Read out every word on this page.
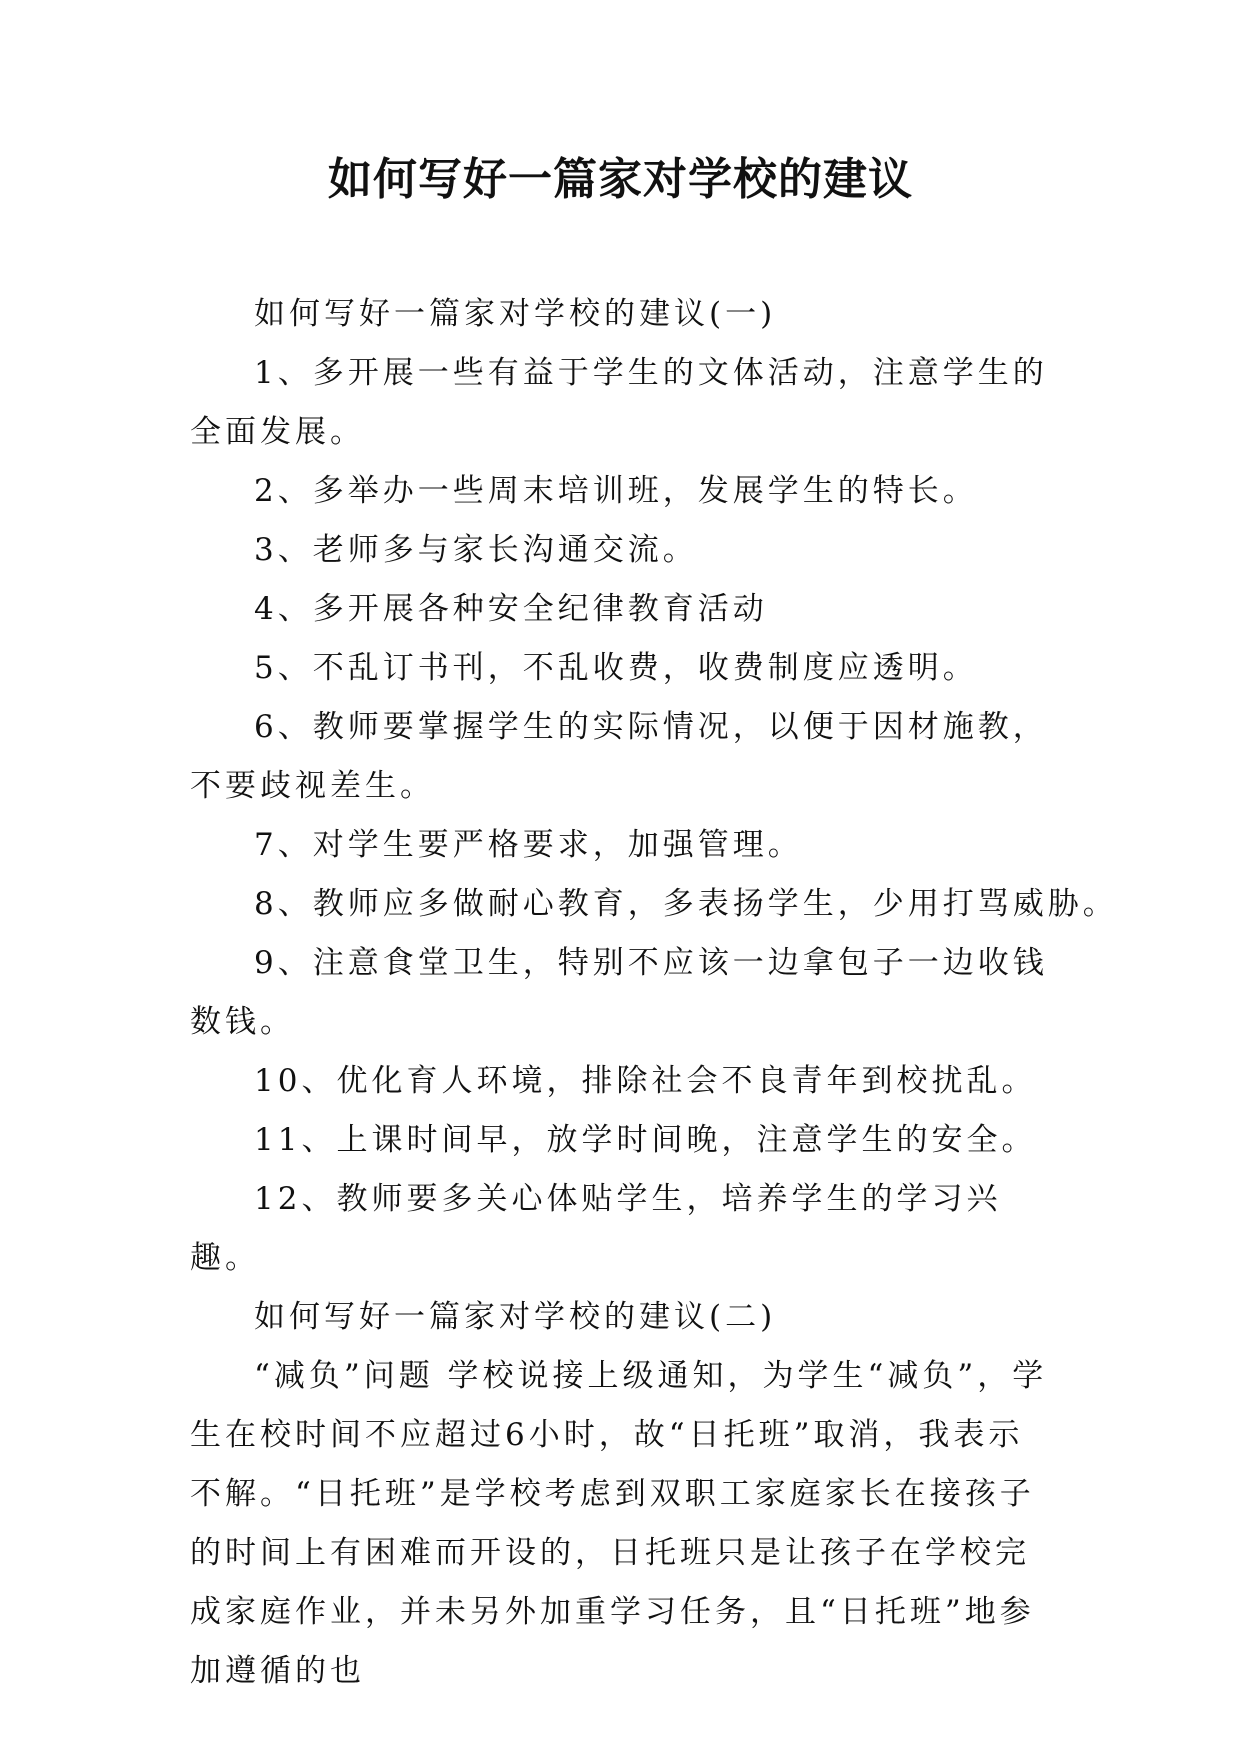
如何写好一篇家对学校的建议

如何写好一篇家对学校的建议(一)

1、多开展一些有益于学生的文体活动，注意学生的全面发展。

2、多举办一些周末培训班，发展学生的特长。

3、老师多与家长沟通交流。

4、多开展各种安全纪律教育活动

5、不乱订书刊，不乱收费，收费制度应透明。

6、教师要掌握学生的实际情况，以便于因材施教，不要歧视差生。

7、对学生要严格要求，加强管理。

8、教师应多做耐心教育，多表扬学生，少用打骂威胁。

9、注意食堂卫生，特别不应该一边拿包子一边收钱数钱。

10、优化育人环境，排除社会不良青年到校扰乱。

11、上课时间早，放学时间晚，注意学生的安全。

12、教师要多关心体贴学生，培养学生的学习兴趣。

如何写好一篇家对学校的建议(二)

“减负”问题 学校说接上级通知，为学生“减负”，学生在校时间不应超过6小时，故“日托班”取消，我表示不解。“日托班”是学校考虑到双职工家庭家长在接孩子的时间上有困难而开设的，日托班只是让孩子在学校完成家庭作业，并未另外加重学习任务，且“日托班”地参加遵循的也
